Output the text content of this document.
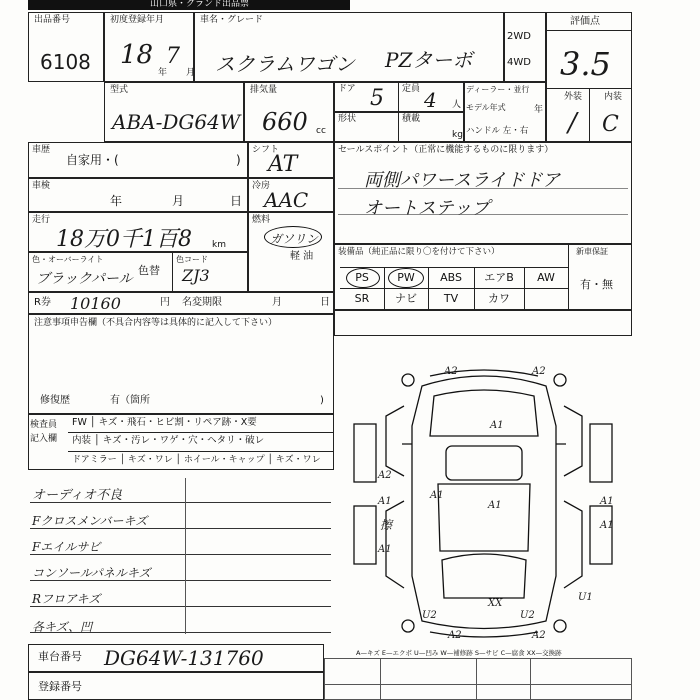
山口県・グランド出品票
出品番号
6108
初度登録年月
18
年
7
月
車名・グレード
スクラムワゴン PZターボ
2WD
4WD
評価点
3.5
外装 内装
/ C
型式
ABA-DG64W
排気量
660 cc
ドア 5 定員 4 人
形状	積載
kg
ディーラー・並行
モデル年式	年
ハンドル 左・右
車歴
自家用・(	)
車検
年	月	日
走行
18万0千1百8 km
色・オーバーライト
ブラックパール
色替
色コード
ZJ3
シフト
AT
冷房
AAC
燃料
ガソリン
軽 油
セールスポイント（正常に機能するものに限ります）
両側パワースライドドア
オートステップ
装備品（純正品に限り〇を付けて下さい）	新車保証
有・無
PS	PW	ABS	エアB	AW
SR	ナビ	TV	カワ
R券 10160	円 名変期限	月	日
注意事項申告欄（不具合内容等は具体的に記入して下さい）
修復歴	有（箇所	)
検査員
記入欄
FW │ キズ・飛石・ヒビ割・リペア跡・X要
内装 │ キズ・汚レ・ワゲ・穴・ヘタリ・破レ
ドアミラー │ キズ・ワレ │ ホイール・キャップ │ キズ・ワレ
オーディオ不良
Fクロスメンバーキズ
Fエイルサビ
コンソールパネルキズ
Rフロアキズ
各キズ、凹
A2	A2
A1
A2
A1	A1
A1
A1
U2
XX
A1
U2
A2	A2
U1
擦
A1
A—キズ E—エクボ U—凹み W—補修跡 S—サビ C—腐食 XX—交換跡
車台番号 DG64W-131760
登録番号
